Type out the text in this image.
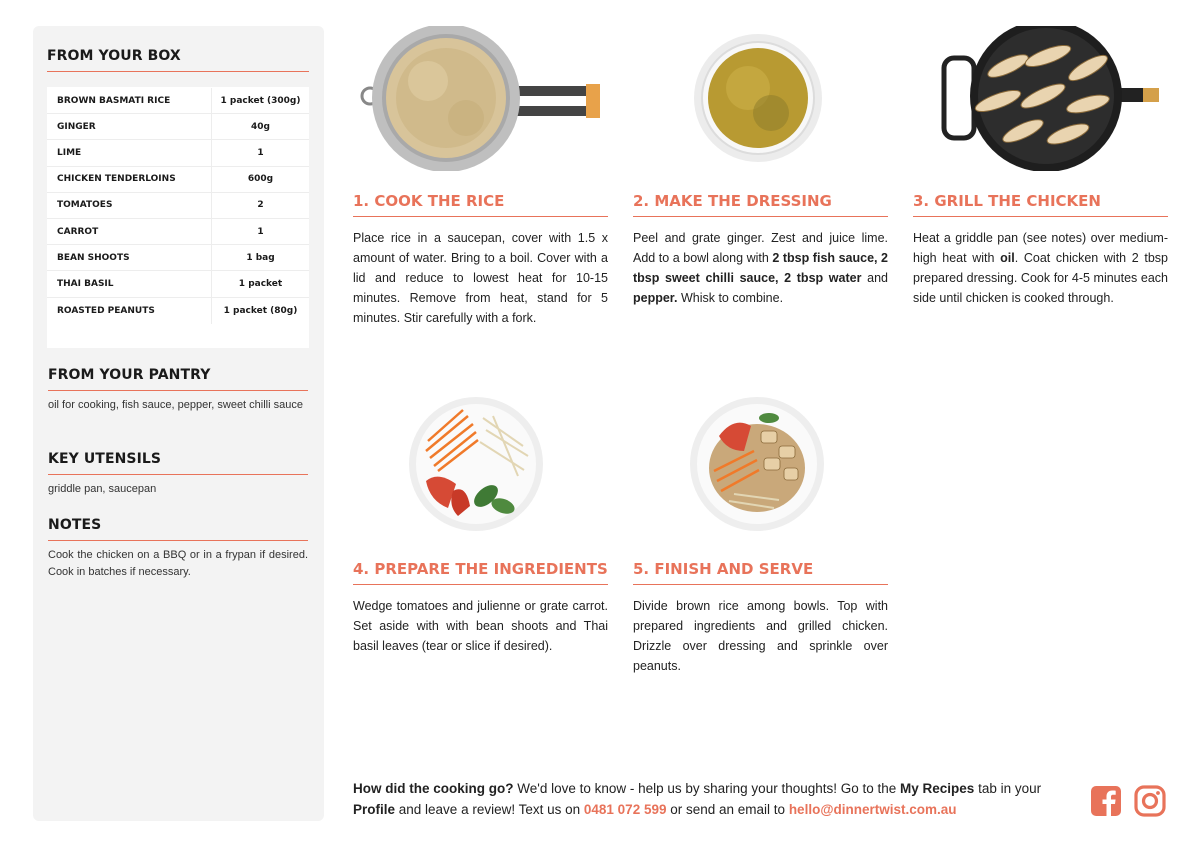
FROM YOUR BOX
BROWN BASMATI RICE	1 packet (300g)
GINGER	40g
LIME	1
CHICKEN TENDERLOINS	600g
TOMATOES	2
CARROT	1
BEAN SHOOTS	1 bag
THAI BASIL	1 packet
ROASTED PEANUTS	1 packet (80g)
FROM YOUR PANTRY
oil for cooking, fish sauce, pepper, sweet chilli sauce
KEY UTENSILS
griddle pan, saucepan
NOTES
Cook the chicken on a BBQ or in a frypan if desired. Cook in batches if necessary.
1. COOK THE RICE
Place rice in a saucepan, cover with 1.5 x amount of water. Bring to a boil. Cover with a lid and reduce to lowest heat for 10-15 minutes. Remove from heat, stand for 5 minutes. Stir carefully with a fork.
2. MAKE THE DRESSING
Peel and grate ginger. Zest and juice lime. Add to a bowl along with 2 tbsp fish sauce, 2 tbsp sweet chilli sauce, 2 tbsp water and pepper. Whisk to combine.
3. GRILL THE CHICKEN
Heat a griddle pan (see notes) over medium-high heat with oil. Coat chicken with 2 tbsp prepared dressing. Cook for 4-5 minutes each side until chicken is cooked through.
4. PREPARE THE INGREDIENTS
Wedge tomatoes and julienne or grate carrot. Set aside with with bean shoots and Thai basil leaves (tear or slice if desired).
5. FINISH AND SERVE
Divide brown rice among bowls. Top with prepared ingredients and grilled chicken. Drizzle over dressing and sprinkle over peanuts.
How did the cooking go? We'd love to know - help us by sharing your thoughts! Go to the My Recipes tab in your Profile and leave a review! Text us on 0481 072 599 or send an email to hello@dinnertwist.com.au
